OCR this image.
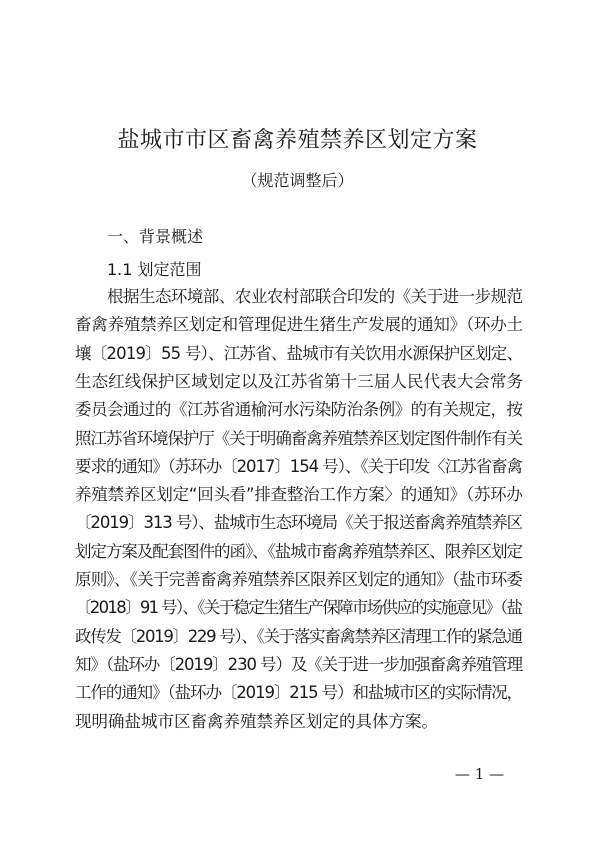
盐城市市区畜禽养殖禁养区划定方案
（规范调整后）
一、背景概述
1.1 划定范围
根据生态环境部、农业农村部联合印发的《关于进一步规范
畜禽养殖禁养区划定和管理促进生猪生产发展的通知》（环办土
壤〔2019〕55 号）、江苏省、盐城市有关饮用水源保护区划定、
生态红线保护区域划定以及江苏省第十三届人民代表大会常务
委员会通过的《江苏省通榆河水污染防治条例》的有关规定，按
照江苏省环境保护厅《关于明确畜禽养殖禁养区划定图件制作有关
要求的通知》（苏环办〔2017〕154 号）、《关于印发〈江苏省畜禽
养殖禁养区划定“回头看”排查整治工作方案〉的通知》（苏环办
〔2019〕313 号）、盐城市生态环境局《关于报送畜禽养殖禁养区
划定方案及配套图件的函》、《盐城市畜禽养殖禁养区、限养区划定
原则》、《关于完善畜禽养殖禁养区限养区划定的通知》（盐市环委
〔2018〕91 号）、《关于稳定生猪生产保障市场供应的实施意见》（盐
政传发〔2019〕229 号）、《关于落实畜禽禁养区清理工作的紧急通
知》（盐环办〔2019〕230 号）及《关于进一步加强畜禽养殖管理
工作的通知》（盐环办〔2019〕215 号）和盐城市区的实际情况，
现明确盐城市区畜禽养殖禁养区划定的具体方案。
— 1 —
